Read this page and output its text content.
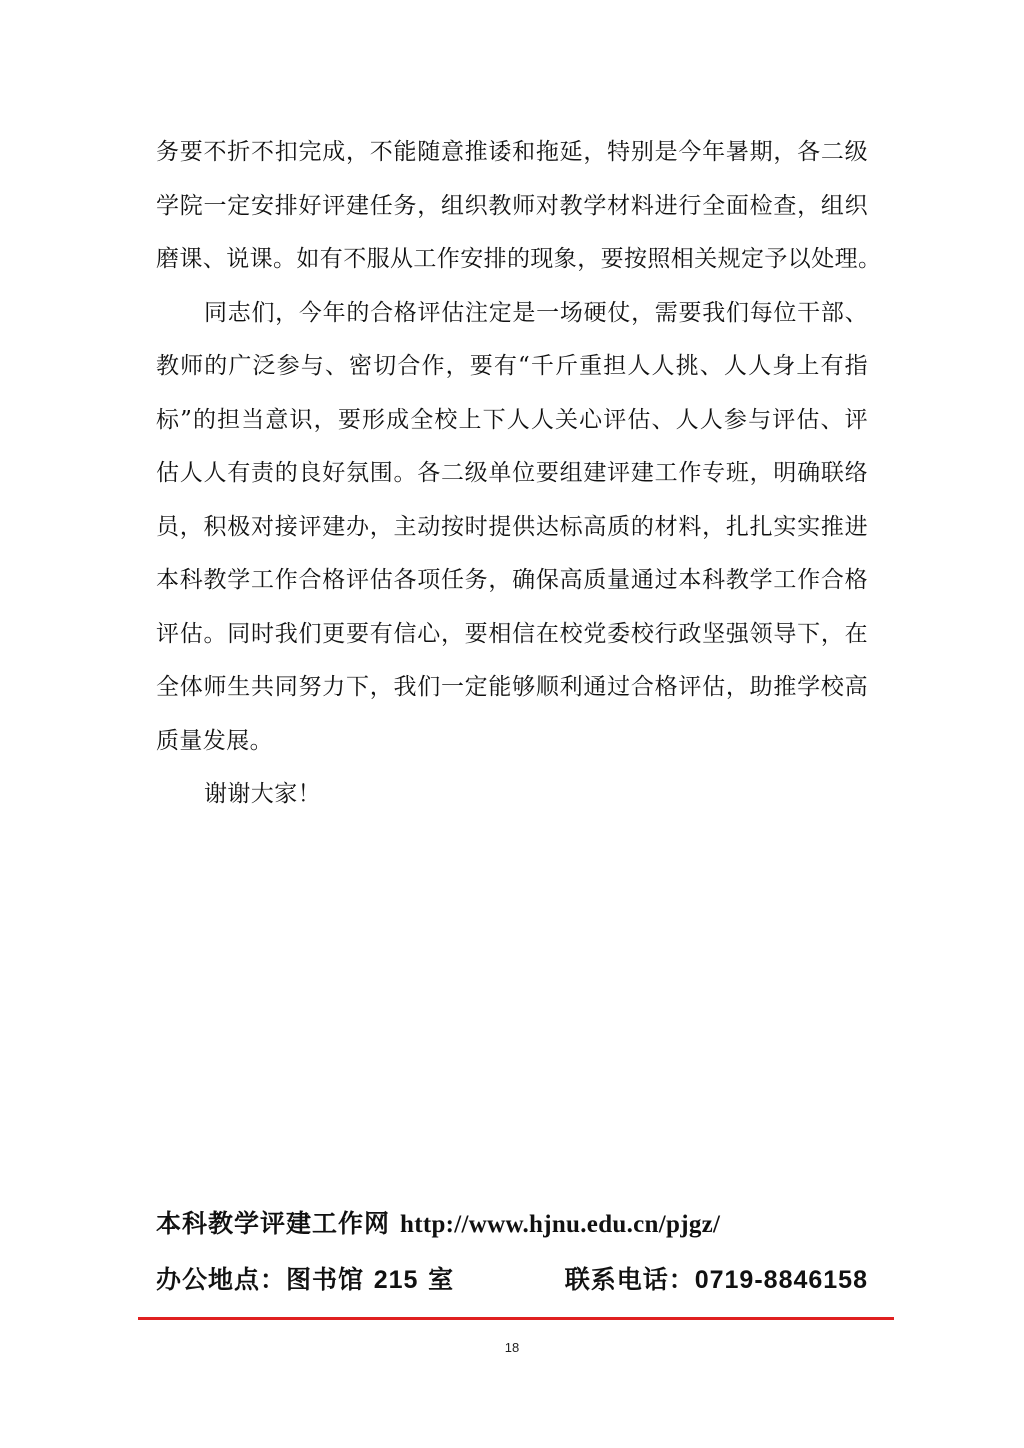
务要不折不扣完成，不能随意推诿和拖延，特别是今年暑期，各二级
学院一定安排好评建任务，组织教师对教学材料进行全面检查，组织
磨课、说课。如有不服从工作安排的现象，要按照相关规定予以处理。
同志们，今年的合格评估注定是一场硬仗，需要我们每位干部、
教师的广泛参与、密切合作，要有“千斤重担人人挑、人人身上有指
标”的担当意识，要形成全校上下人人关心评估、人人参与评估、评
估人人有责的良好氛围。各二级单位要组建评建工作专班，明确联络
员，积极对接评建办，主动按时提供达标高质的材料，扎扎实实推进
本科教学工作合格评估各项任务，确保高质量通过本科教学工作合格
评估。同时我们更要有信心，要相信在校党委校行政坚强领导下，在
全体师生共同努力下，我们一定能够顺利通过合格评估，助推学校高
质量发展。
谢谢大家！
本科教学评建工作网 http://www.hjnu.edu.cn/pjgz/
办公地点：图书馆 215 室	联系电话：0719-8846158
18
